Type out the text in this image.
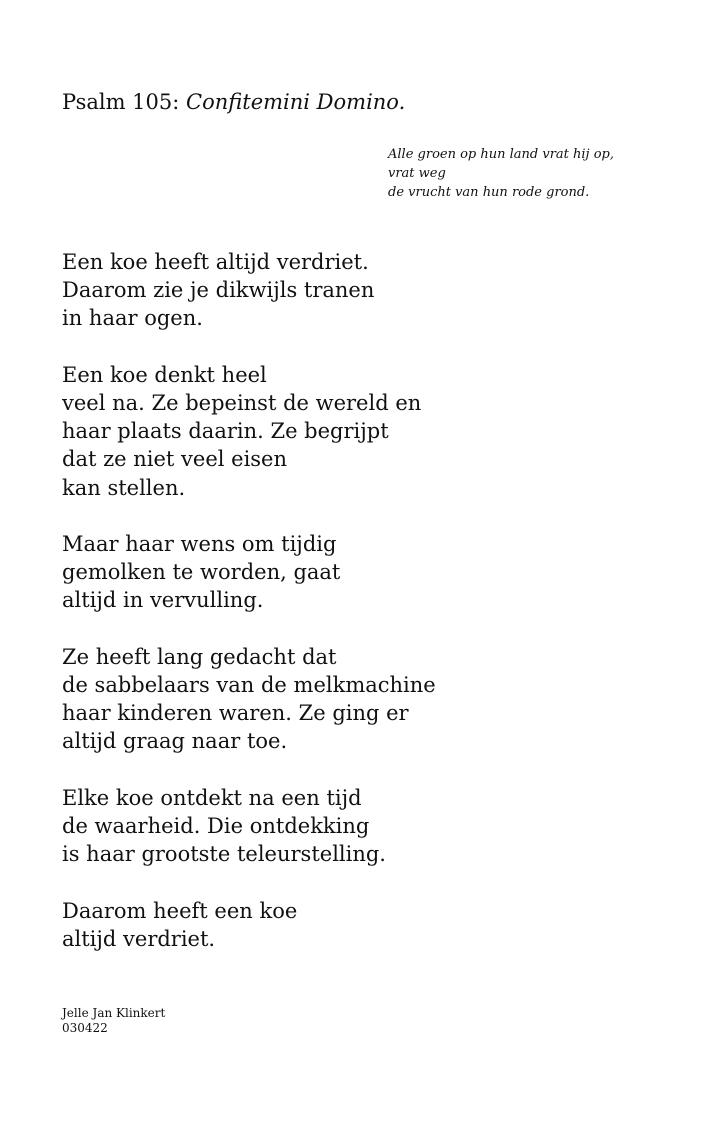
Psalm 105: Confitemini Domino.
Alle groen op hun land vrat hij op,
vrat weg
de vrucht van hun rode grond.
Een koe heeft altijd verdriet.
Daarom zie je dikwijls tranen
in haar ogen.
Een koe denkt heel
veel na. Ze bepeinst de wereld en
haar plaats daarin. Ze begrijpt
dat ze niet veel eisen
kan stellen.
Maar haar wens om tijdig
gemolken te worden, gaat
altijd in vervulling.
Ze heeft lang gedacht dat
de sabbelaars van de melkmachine
haar kinderen waren. Ze ging er
altijd graag naar toe.
Elke koe ontdekt na een tijd
de waarheid. Die ontdekking
is haar grootste teleurstelling.
Daarom heeft een koe
altijd verdriet.
Jelle Jan Klinkert
030422
